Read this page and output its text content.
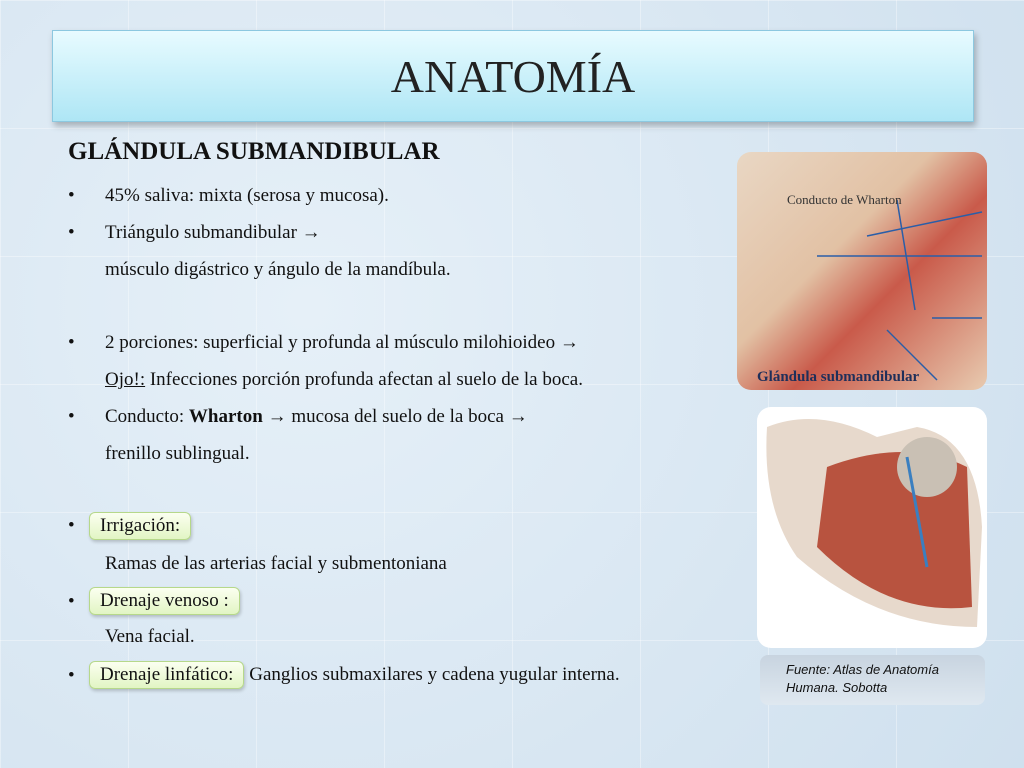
ANATOMÍA
GLÁNDULA SUBMANDIBULAR
• 45% saliva: mixta (serosa y mucosa).
• Triángulo submandibular →
músculo digástrico y ángulo de la mandíbula.
• 2 porciones: superficial y profunda al músculo milohioideo →
Ojo!: Infecciones porción profunda afectan al suelo de la boca.
• Conducto: Wharton → mucosa del suelo de la boca →
frenillo sublingual.
• Irrigación:
Ramas de las arterias facial y submentoniana
• Drenaje venoso :
Vena facial.
• Drenaje linfático: Ganglios submaxilares y cadena yugular interna.
Conducto de Wharton
Glándula submandibular
Fuente: Atlas de Anatomía
Humana. Sobotta
